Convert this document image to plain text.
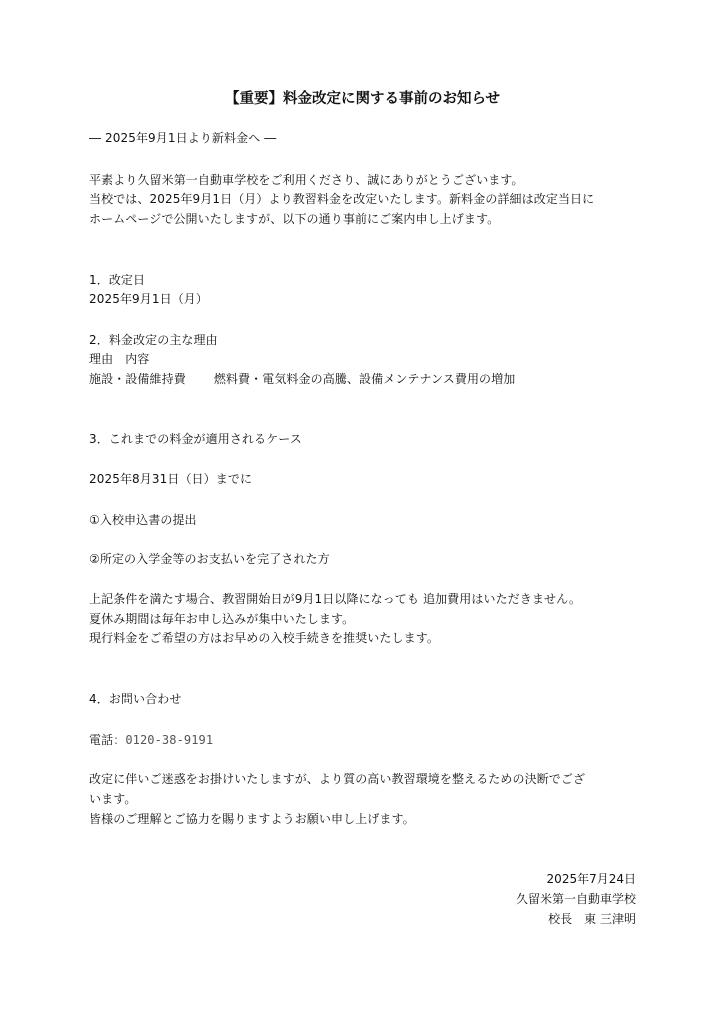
【重要】料金改定に関する事前のお知らせ
― 2025年9月1日より新料金へ ―
平素より久留米第一自動車学校をご利用くださり、誠にありがとうございます。
当校では、2025年9月1日（月）より教習料金を改定いたします。新料金の詳細は改定当日に
ホームページで公開いたしますが、以下の通り事前にご案内申し上げます。
1．改定日
2025年9月1日（月）
2．料金改定の主な理由
理由 内容
施設・設備維持費 燃料費・電気料金の高騰、設備メンテナンス費用の増加
3．これまでの料金が適用されるケース
2025年8月31日（日）までに
①入校申込書の提出
②所定の入学金等のお支払いを完了された方
上記条件を満たす場合、教習開始日が9月1日以降になっても 追加費用はいただきません。
夏休み期間は毎年お申し込みが集中いたします。
現行料金をご希望の方はお早めの入校手続きを推奨いたします。
4．お問い合わせ
電話：0120-38-9191
改定に伴いご迷惑をお掛けいたしますが、より質の高い教習環境を整えるための決断でござ
います。
皆様のご理解とご協力を賜りますようお願い申し上げます。
2025年7月24日
久留米第一自動車学校
校長 東 三津明
